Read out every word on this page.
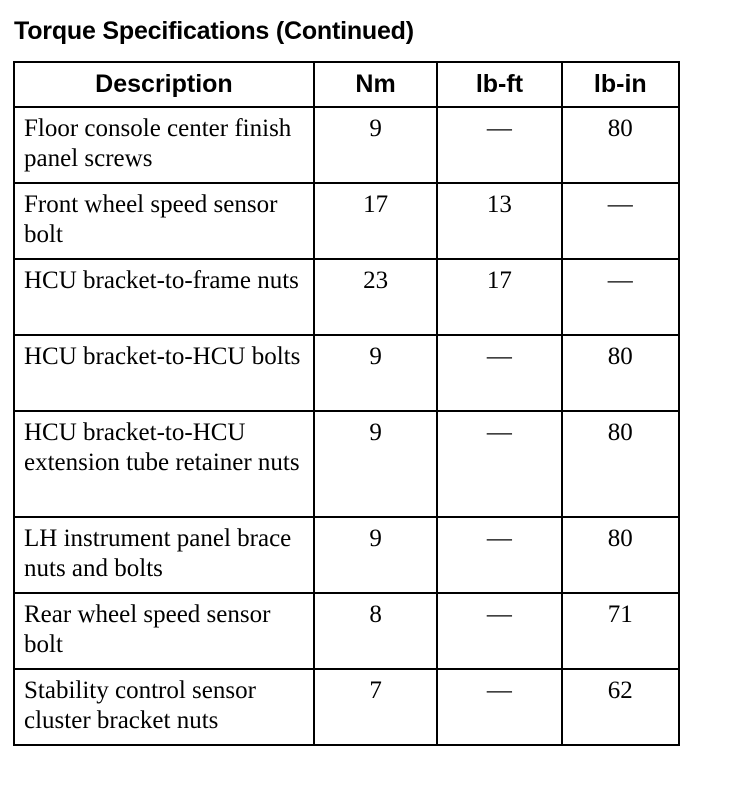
Torque Specifications (Continued)
Description	Nm	lb-ft	lb-in
Floor console center finish panel screws	9	—	80
Front wheel speed sensor bolt	17	13	—
HCU bracket-to-frame nuts	23	17	—
HCU bracket-to-HCU bolts	9	—	80
HCU bracket-to-HCU extension tube retainer nuts	9	—	80
LH instrument panel brace nuts and bolts	9	—	80
Rear wheel speed sensor bolt	8	—	71
Stability control sensor cluster bracket nuts	7	—	62
